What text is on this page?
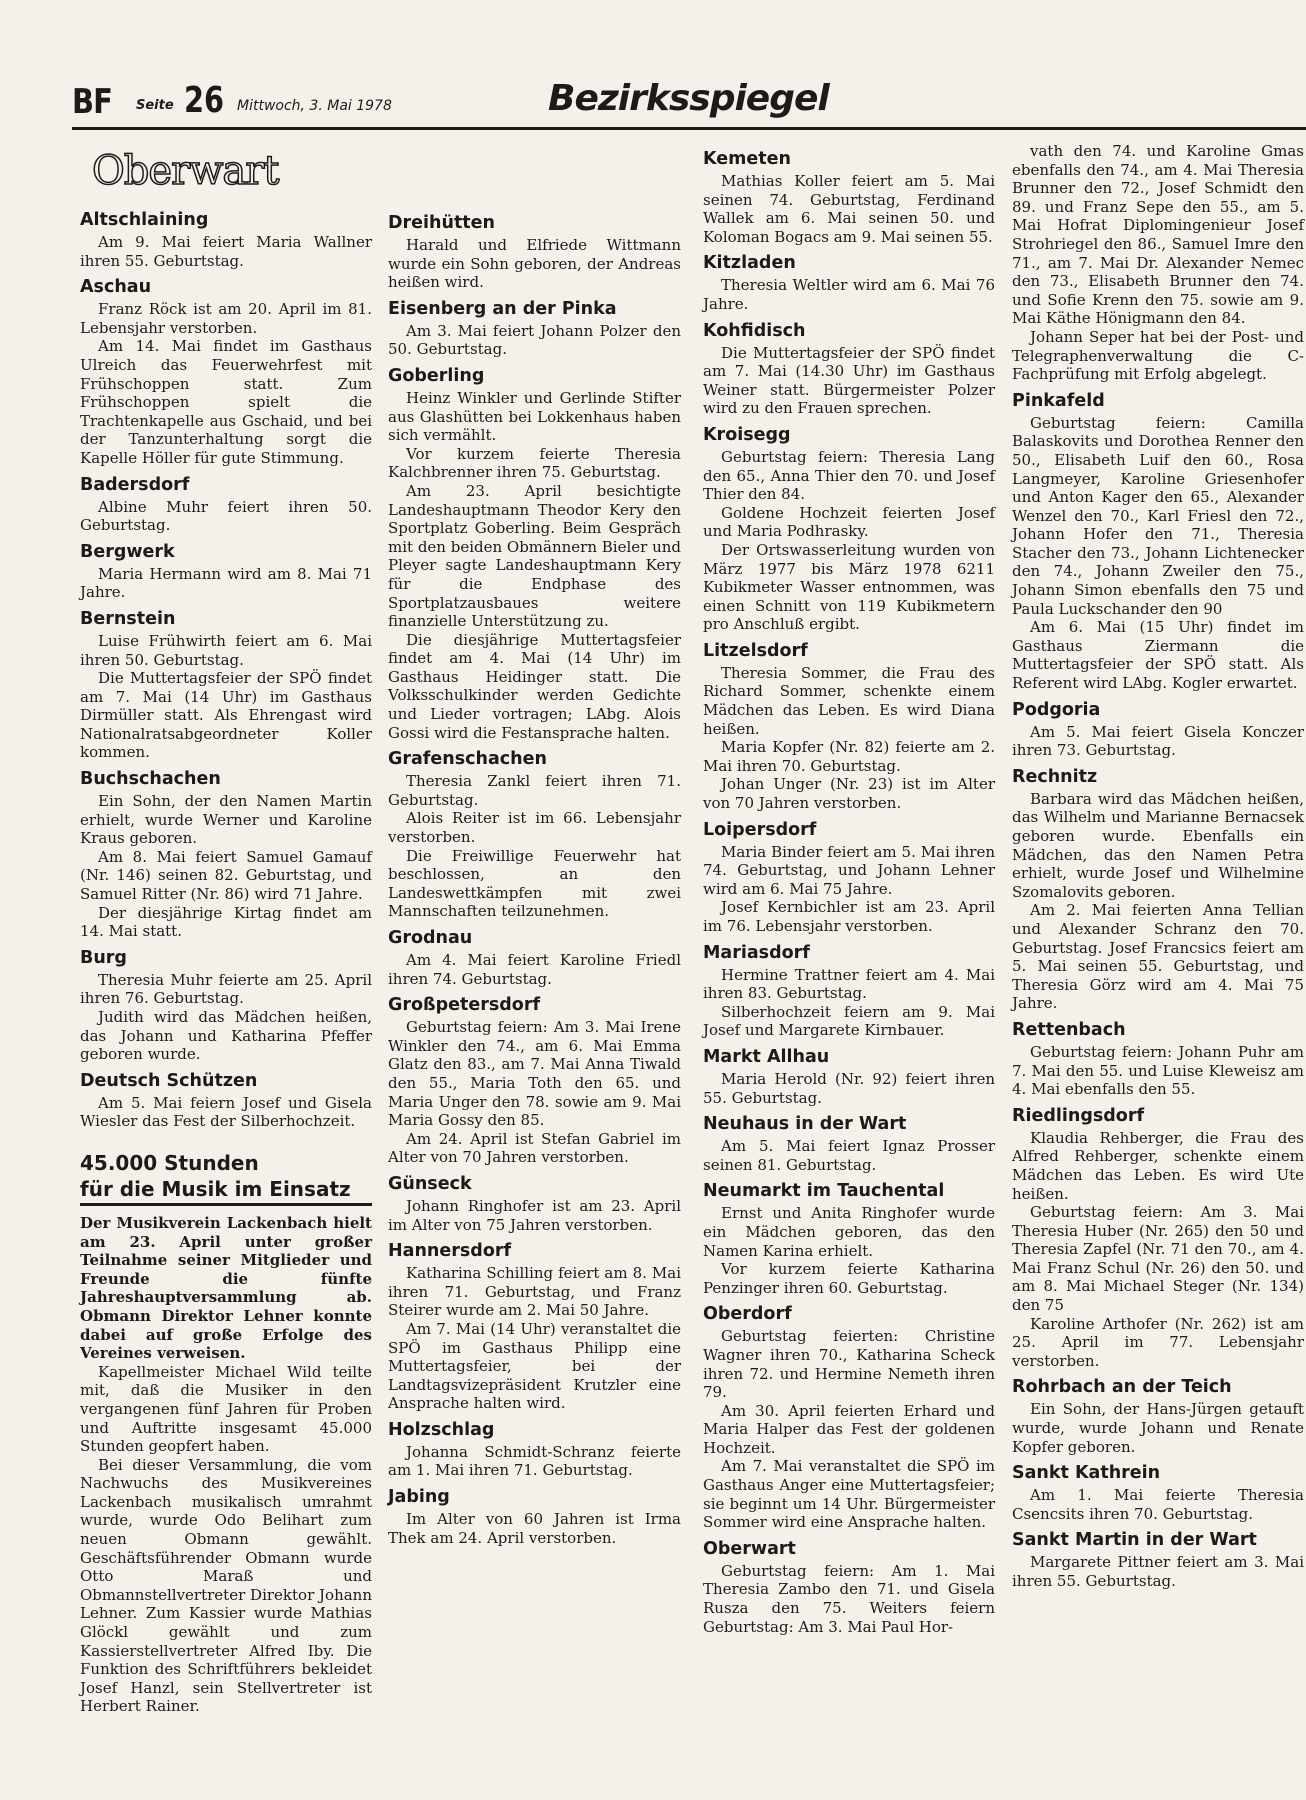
BF Seite 26 Mittwoch, 3. Mai 1978	Bezirksspiegel
Oberwart
Altschlaining

Am 9. Mai feiert Maria Wallner ihren 55. Geburtstag.

Aschau

Franz Röck ist am 20. April im 81. Lebensjahr verstorben.

Am 14. Mai findet im Gasthaus Ulreich das Feuerwehrfest mit Frühschoppen statt. Zum Frühschoppen spielt die Trachtenkapelle aus Gschaid, und bei der Tanzunterhaltung sorgt die Kapelle Höller für gute Stimmung.

Badersdorf

Albine Muhr feiert ihren 50. Geburtstag.

Bergwerk

Maria Hermann wird am 8. Mai 71 Jahre.

Bernstein

Luise Frühwirth feiert am 6. Mai ihren 50. Geburtstag.

Die Muttertagsfeier der SPÖ findet am 7. Mai (14 Uhr) im Gasthaus Dirmüller statt. Als Ehrengast wird Nationalratsabgeordneter Koller kommen.

Buchschachen

Ein Sohn, der den Namen Martin erhielt, wurde Werner und Karoline Kraus geboren.

Am 8. Mai feiert Samuel Gamauf (Nr. 146) seinen 82. Geburtstag, und Samuel Ritter (Nr. 86) wird 71 Jahre.

Der diesjährige Kirtag findet am 14. Mai statt.

Burg

Theresia Muhr feierte am 25. April ihren 76. Geburtstag.

Judith wird das Mädchen heißen, das Johann und Katharina Pfeffer geboren wurde.

Deutsch Schützen

Am 5. Mai feiern Josef und Gisela Wiesler das Fest der Silberhochzeit.

45.000 Stunden
für die Musik im Einsatz

Der Musikverein Lackenbach hielt am 23. April unter großer Teilnahme seiner Mitglieder und Freunde die fünfte Jahreshauptversammlung ab. Obmann Direktor Lehner konnte dabei auf große Erfolge des Vereines verweisen.

Kapellmeister Michael Wild teilte mit, daß die Musiker in den vergangenen fünf Jahren für Proben und Auftritte insgesamt 45.000 Stunden geopfert haben.

Bei dieser Versammlung, die vom Nachwuchs des Musikvereines Lackenbach musikalisch umrahmt wurde, wurde Odo Belihart zum neuen Obmann gewählt. Geschäftsführender Obmann wurde Otto Maraß und Obmannstellvertreter Direktor Johann Lehner. Zum Kassier wurde Mathias Glöckl gewählt und zum Kassierstellvertreter Alfred Iby. Die Funktion des Schriftführers bekleidet Josef Hanzl, sein Stellvertreter ist Herbert Rainer.

Dreihütten

Harald und Elfriede Wittmann wurde ein Sohn geboren, der Andreas heißen wird.

Eisenberg an der Pinka

Am 3. Mai feiert Johann Polzer den 50. Geburtstag.

Goberling

Heinz Winkler und Gerlinde Stifter aus Glashütten bei Lokkenhaus haben sich vermählt.

Vor kurzem feierte Theresia Kalchbrenner ihren 75. Geburtstag.

Am 23. April besichtigte Landeshauptmann Theodor Kery den Sportplatz Goberling. Beim Gespräch mit den beiden Obmännern Bieler und Pleyer sagte Landeshauptmann Kery für die Endphase des Sportplatzausbaues weitere finanzielle Unterstützung zu.

Die diesjährige Muttertagsfeier findet am 4. Mai (14 Uhr) im Gasthaus Heidinger statt. Die Volksschulkinder werden Gedichte und Lieder vortragen; LAbg. Alois Gossi wird die Festansprache halten.

Grafenschachen

Theresia Zankl feiert ihren 71. Geburtstag.

Alois Reiter ist im 66. Lebensjahr verstorben.

Die Freiwillige Feuerwehr hat beschlossen, an den Landeswettkämpfen mit zwei Mannschaften teilzunehmen.

Grodnau

Am 4. Mai feiert Karoline Friedl ihren 74. Geburtstag.

Großpetersdorf

Geburtstag feiern: Am 3. Mai Irene Winkler den 74., am 6. Mai Emma Glatz den 83., am 7. Mai Anna Tiwald den 55., Maria Toth den 65. und Maria Unger den 78. sowie am 9. Mai Maria Gossy den 85.

Am 24. April ist Stefan Gabriel im Alter von 70 Jahren verstorben.

Günseck

Johann Ringhofer ist am 23. April im Alter von 75 Jahren verstorben.

Hannersdorf

Katharina Schilling feiert am 8. Mai ihren 71. Geburtstag, und Franz Steirer wurde am 2. Mai 50 Jahre.

Am 7. Mai (14 Uhr) veranstaltet die SPÖ im Gasthaus Philipp eine Muttertagsfeier, bei der Landtagsvizepräsident Krutzler eine Ansprache halten wird.

Holzschlag

Johanna Schmidt-Schranz feierte am 1. Mai ihren 71. Geburtstag.

Jabing

Im Alter von 60 Jahren ist Irma Thek am 24. April verstorben.

Kemeten

Mathias Koller feiert am 5. Mai seinen 74. Geburtstag, Ferdinand Wallek am 6. Mai seinen 50. und Koloman Bogacs am 9. Mai seinen 55.

Kitzladen

Theresia Weltler wird am 6. Mai 76 Jahre.

Kohfidisch

Die Muttertagsfeier der SPÖ findet am 7. Mai (14.30 Uhr) im Gasthaus Weiner statt. Bürgermeister Polzer wird zu den Frauen sprechen.

Kroisegg

Geburtstag feiern: Theresia Lang den 65., Anna Thier den 70. und Josef Thier den 84.

Goldene Hochzeit feierten Josef und Maria Podhrasky.

Der Ortswasserleitung wurden von März 1977 bis März 1978 6211 Kubikmeter Wasser entnommen, was einen Schnitt von 119 Kubikmetern pro Anschluß ergibt.

Litzelsdorf

Theresia Sommer, die Frau des Richard Sommer, schenkte einem Mädchen das Leben. Es wird Diana heißen.

Maria Kopfer (Nr. 82) feierte am 2. Mai ihren 70. Geburtstag.

Johan Unger (Nr. 23) ist im Alter von 70 Jahren verstorben.

Loipersdorf

Maria Binder feiert am 5. Mai ihren 74. Geburtstag, und Johann Lehner wird am 6. Mai 75 Jahre.

Josef Kernbichler ist am 23. April im 76. Lebensjahr verstorben.

Mariasdorf

Hermine Trattner feiert am 4. Mai ihren 83. Geburtstag.

Silberhochzeit feiern am 9. Mai Josef und Margarete Kirnbauer.

Markt Allhau

Maria Herold (Nr. 92) feiert ihren 55. Geburtstag.

Neuhaus in der Wart

Am 5. Mai feiert Ignaz Prosser seinen 81. Geburtstag.

Neumarkt im Tauchental

Ernst und Anita Ringhofer wurde ein Mädchen geboren, das den Namen Karina erhielt.

Vor kurzem feierte Katharina Penzinger ihren 60. Geburtstag.

Oberdorf

Geburtstag feierten: Christine Wagner ihren 70., Katharina Scheck ihren 72. und Hermine Nemeth ihren 79.

Am 30. April feierten Erhard und Maria Halper das Fest der goldenen Hochzeit.

Am 7. Mai veranstaltet die SPÖ im Gasthaus Anger eine Muttertagsfeier; sie beginnt um 14 Uhr. Bürgermeister Sommer wird eine Ansprache halten.

Oberwart

Geburtstag feiern: Am 1. Mai Theresia Zambo den 71. und Gisela Rusza den 75. Weiters feiern Geburtstag: Am 3. Mai Paul Hor-

vath den 74. und Karoline Gmas ebenfalls den 74., am 4. Mai Theresia Brunner den 72., Josef Schmidt den 89. und Franz Sepe den 55., am 5. Mai Hofrat Diplomingenieur Josef Strohriegel den 86., Samuel Imre den 71., am 7. Mai Dr. Alexander Nemec den 73., Elisabeth Brunner den 74. und Sofie Krenn den 75. sowie am 9. Mai Käthe Hönigmann den 84.

Johann Seper hat bei der Post- und Telegraphenverwaltung die C-Fachprüfung mit Erfolg abgelegt.

Pinkafeld

Geburtstag feiern: Camilla Balaskovits und Dorothea Renner den 50., Elisabeth Luif den 60., Rosa Langmeyer, Karoline Griesenhofer und Anton Kager den 65., Alexander Wenzel den 70., Karl Friesl den 72., Johann Hofer den 71., Theresia Stacher den 73., Johann Lichtenecker den 74., Johann Zweiler den 75., Johann Simon ebenfalls den 75 und Paula Luckschander den 90

Am 6. Mai (15 Uhr) findet im Gasthaus Ziermann die Muttertagsfeier der SPÖ statt. Als Referent wird LAbg. Kogler erwartet.

Podgoria

Am 5. Mai feiert Gisela Konczer ihren 73. Geburtstag.

Rechnitz

Barbara wird das Mädchen heißen, das Wilhelm und Marianne Bernacsek geboren wurde. Ebenfalls ein Mädchen, das den Namen Petra erhielt, wurde Josef und Wilhelmine Szomalovits geboren.

Am 2. Mai feierten Anna Tellian und Alexander Schranz den 70. Geburtstag. Josef Francsics feiert am 5. Mai seinen 55. Geburtstag, und Theresia Görz wird am 4. Mai 75 Jahre.

Rettenbach

Geburtstag feiern: Johann Puhr am 7. Mai den 55. und Luise Kleweisz am 4. Mai ebenfalls den 55.

Riedlingsdorf

Klaudia Rehberger, die Frau des Alfred Rehberger, schenkte einem Mädchen das Leben. Es wird Ute heißen.

Geburtstag feiern: Am 3. Mai Theresia Huber (Nr. 265) den 50 und Theresia Zapfel (Nr. 71 den 70., am 4. Mai Franz Schul (Nr. 26) den 50. und am 8. Mai Michael Steger (Nr. 134) den 75

Karoline Arthofer (Nr. 262) ist am 25. April im 77. Lebensjahr verstorben.

Rohrbach an der Teich

Ein Sohn, der Hans-Jürgen getauft wurde, wurde Johann und Renate Kopfer geboren.

Sankt Kathrein

Am 1. Mai feierte Theresia Csencsits ihren 70. Geburtstag.

Sankt Martin in der Wart

Margarete Pittner feiert am 3. Mai ihren 55. Geburtstag.
